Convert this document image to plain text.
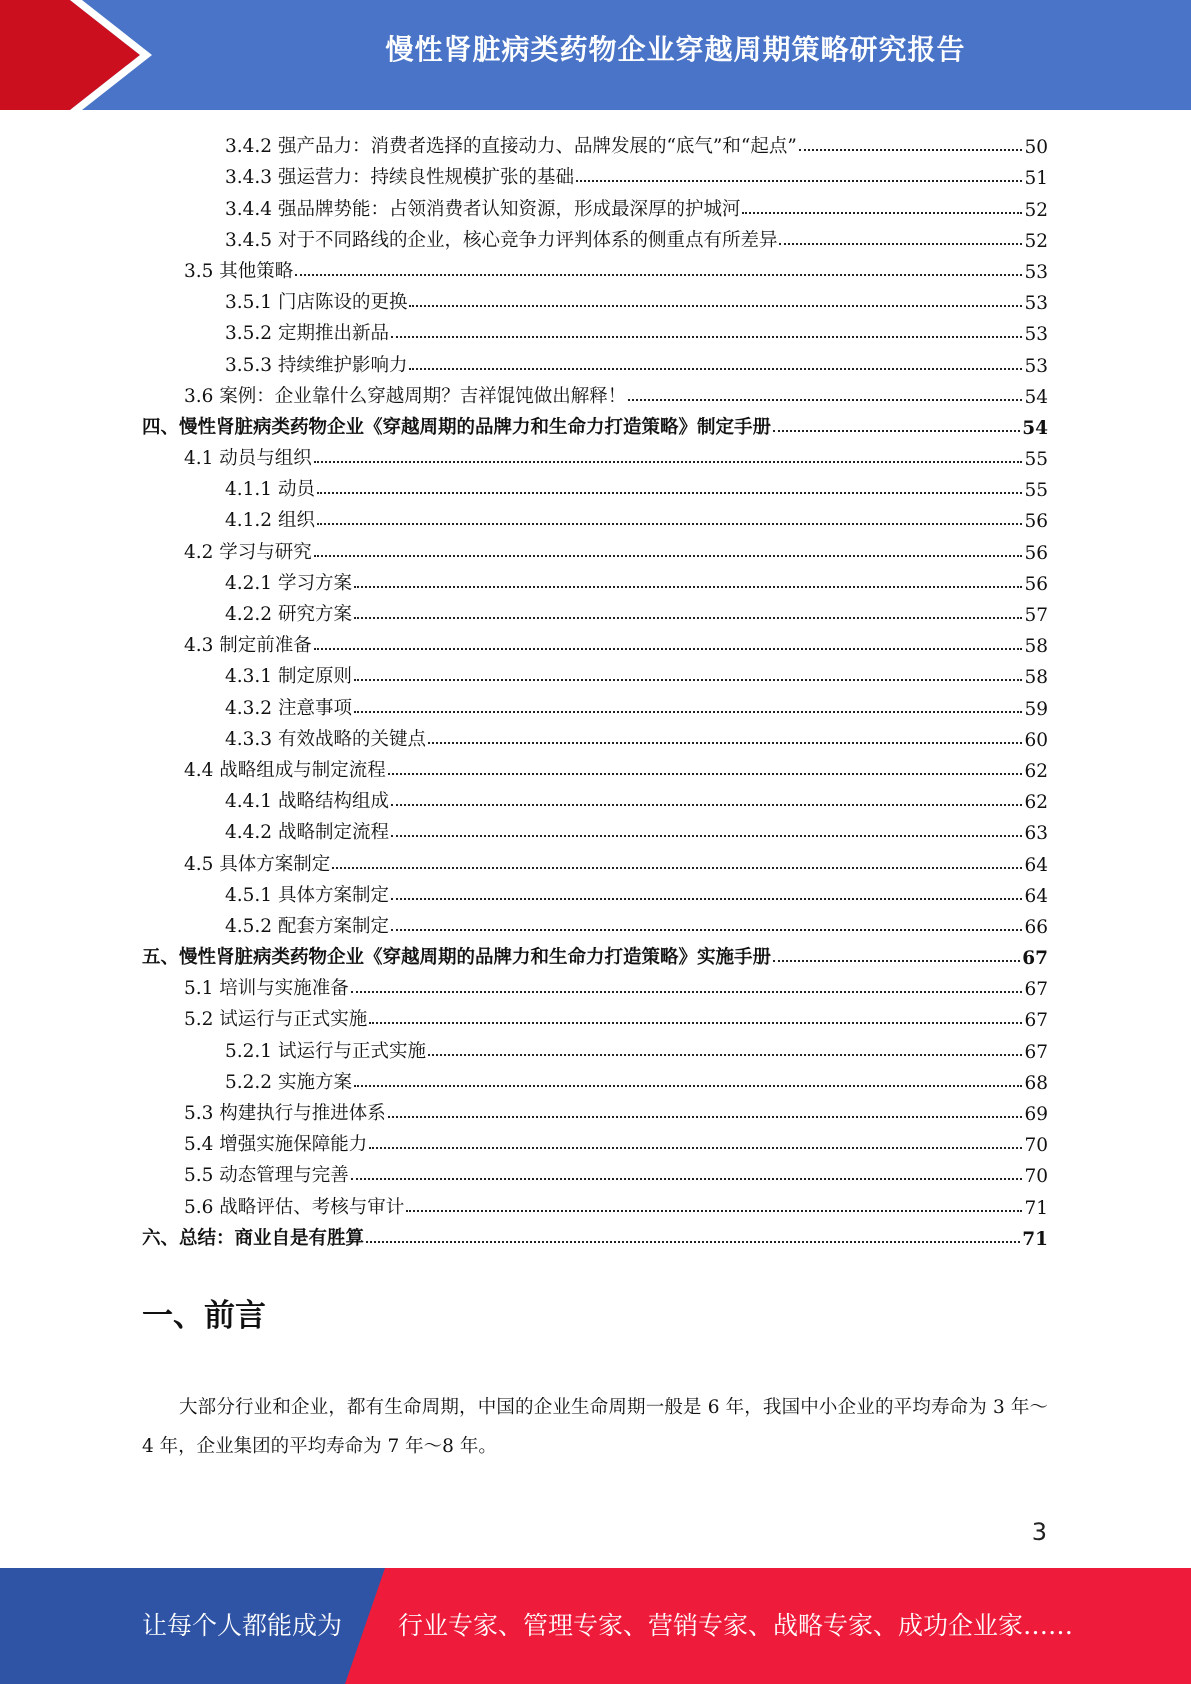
慢性肾脏病类药物企业穿越周期策略研究报告
3.4.2 强产品力：消费者选择的直接动力、品牌发展的“底气”和“起点”	50
3.4.3 强运营力：持续良性规模扩张的基础	51
3.4.4 强品牌势能：占领消费者认知资源，形成最深厚的护城河	52
3.4.5 对于不同路线的企业，核心竞争力评判体系的侧重点有所差异	52
3.5 其他策略	53
3.5.1 门店陈设的更换	53
3.5.2 定期推出新品	53
3.5.3 持续维护影响力	53
3.6 案例：企业靠什么穿越周期？吉祥馄饨做出解释！	54
四、慢性肾脏病类药物企业《穿越周期的品牌力和生命力打造策略》制定手册	54
4.1 动员与组织	55
4.1.1 动员	55
4.1.2 组织	56
4.2 学习与研究	56
4.2.1 学习方案	56
4.2.2 研究方案	57
4.3 制定前准备	58
4.3.1 制定原则	58
4.3.2 注意事项	59
4.3.3 有效战略的关键点	60
4.4 战略组成与制定流程	62
4.4.1 战略结构组成	62
4.4.2 战略制定流程	63
4.5 具体方案制定	64
4.5.1 具体方案制定	64
4.5.2 配套方案制定	66
五、慢性肾脏病类药物企业《穿越周期的品牌力和生命力打造策略》实施手册	67
5.1 培训与实施准备	67
5.2 试运行与正式实施	67
5.2.1 试运行与正式实施	67
5.2.2 实施方案	68
5.3 构建执行与推进体系	69
5.4 增强实施保障能力	70
5.5 动态管理与完善	70
5.6 战略评估、考核与审计	71
六、总结：商业自是有胜算	71
一、前言
大部分行业和企业，都有生命周期，中国的企业生命周期一般是 6 年，我国中小企业的平均寿命为 3 年～4 年，企业集团的平均寿命为 7 年～8 年。
3
让每个人都能成为 行业专家、管理专家、营销专家、战略专家、成功企业家……
